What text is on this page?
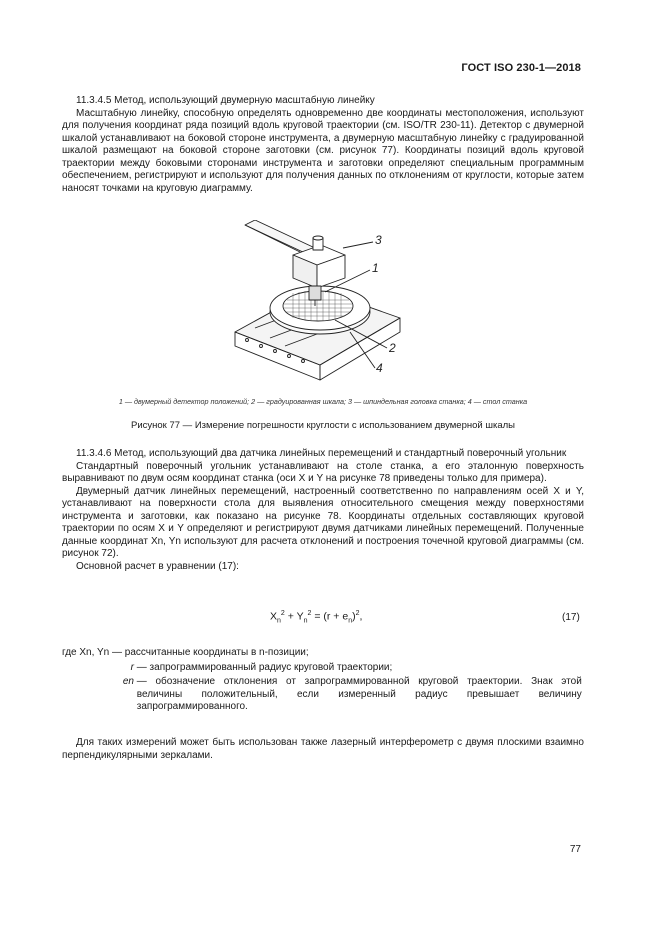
ГОСТ ISO 230-1—2018

11.3.4.5 Метод, использующий двумерную масштабную линейку

Масштабную линейку, способную определять одновременно две координаты местоположения, используют для получения координат ряда позиций вдоль круговой траектории (см. ISO/TR 230-11). Детектор с двумерной шкалой устанавливают на боковой стороне инструмента, а двумерную масштабную линейку с градуированной шкалой размещают на боковой стороне заготовки (см. рисунок 77). Координаты позиций вдоль круговой траектории между боковыми сторонами инструмента и заготовки определяют специальным программным обеспечением, регистрируют и используют для получения данных по отклонениям от круглости, которые затем наносят точками на круговую диаграмму.

3
1
2
4
1 — двумерный детектор положений; 2 — градуированная шкала; 3 — шпиндельная головка станка; 4 — стол станка
Рисунок 77 — Измерение погрешности круглости с использованием двумерной шкалы

11.3.4.6 Метод, использующий два датчика линейных перемещений и стандартный поверочный угольник

Стандартный поверочный угольник устанавливают на столе станка, а его эталонную поверхность выравнивают по двум осям координат станка (оси X и Y на рисунке 78 приведены только для примера).

Двумерный датчик линейных перемещений, настроенный соответственно по направлениям осей X и Y, устанавливают на поверхности стола для выявления относительного смещения между поверхностями инструмента и заготовки, как показано на рисунке 78. Координаты отдельных составляющих круговой траектории по осям X и Y определяют и регистрируют двумя датчиками линейных перемещений. Полученные данные координат Xn, Yn используют для расчета отклонений и построения точечной круговой диаграммы (см. рисунок 72).

Основной расчет в уравнении (17):

$X_n^2 + Y_n^2 = (r + e_n)^2$,	(17)
где Xn, Yn — рассчитанные координаты в n-позиции;
r — запрограммированный радиус круговой траектории;
en — обозначение отклонения от запрограммированной круговой траектории. Знак этой величины положительный, если измеренный радиус превышает величину запрограммированного.

Для таких измерений может быть использован также лазерный интерферометр с двумя плоскими взаимно перпендикулярными зеркалами.

77
